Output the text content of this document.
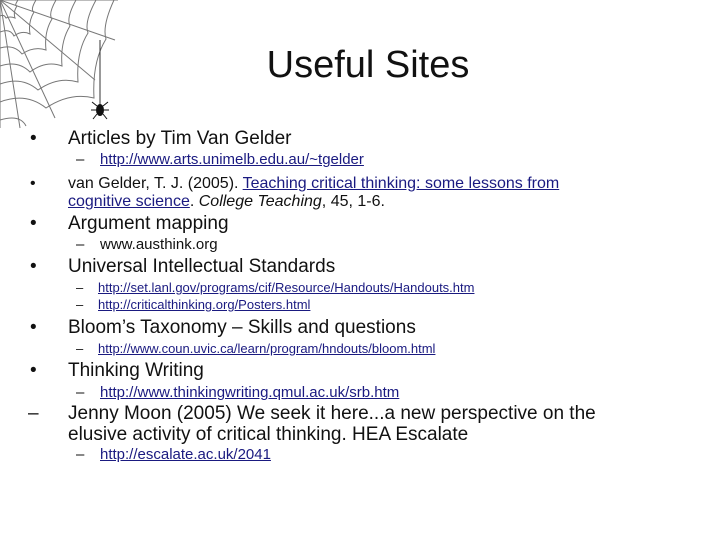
Useful Sites
• Articles by Tim Van Gelder
– http://www.arts.unimelb.edu.au/~tgelder
• van Gelder, T. J. (2005). Teaching critical thinking: some lessons from
cognitive science. College Teaching, 45, 1-6.
• Argument mapping
– www.austhink.org
• Universal Intellectual Standards
– http://set.lanl.gov/programs/cif/Resource/Handouts/Handouts.htm
– http://criticalthinking.org/Posters.html
• Bloom’s Taxonomy – Skills and questions
– http://www.coun.uvic.ca/learn/program/hndouts/bloom.html
• Thinking Writing
– http://www.thinkingwriting.qmul.ac.uk/srb.htm
– Jenny Moon (2005) We seek it here...a new perspective on the
elusive activity of critical thinking. HEA Escalate
– http://escalate.ac.uk/2041
